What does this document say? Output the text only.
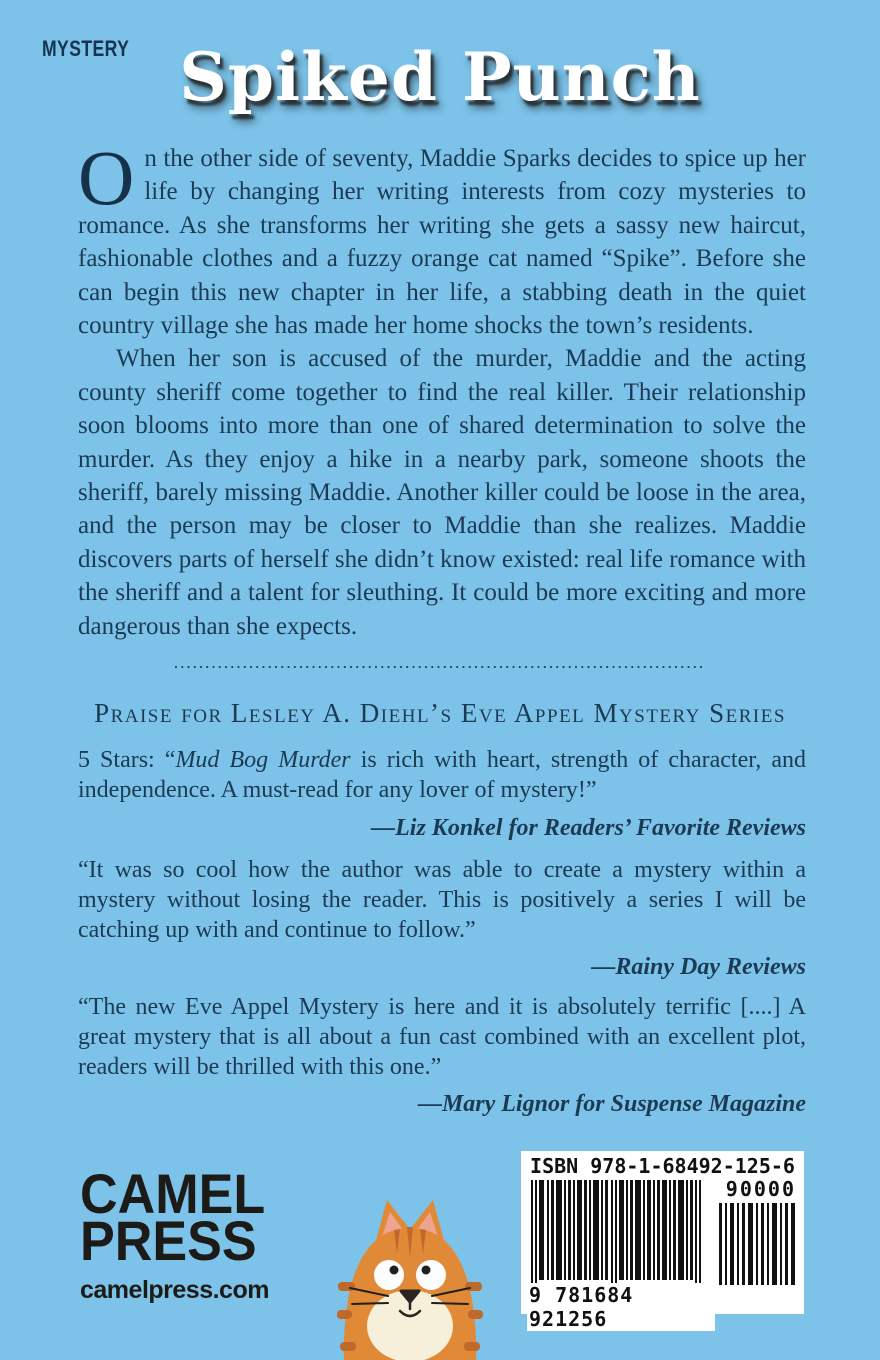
MYSTERY Spiked Punch

On the other side of seventy, Maddie Sparks decides to spice up her life by changing her writing interests from cozy mysteries to romance. As she transforms her writing she gets a sassy new haircut, fashionable clothes and a fuzzy orange cat named “Spike”. Before she can begin this new chapter in her life, a stabbing death in the quiet country village she has made her home shocks the town’s residents.

When her son is accused of the murder, Maddie and the acting county sheriff come together to find the real killer. Their relationship soon blooms into more than one of shared determination to solve the murder. As they enjoy a hike in a nearby park, someone shoots the sheriff, barely missing Maddie. Another killer could be loose in the area, and the person may be closer to Maddie than she realizes. Maddie discovers parts of herself she didn’t know existed: real life romance with the sheriff and a talent for sleuthing. It could be more exciting and more dangerous than she expects.

.....................................................................................
Praise for Lesley A. Diehl’s Eve Appel Mystery Series
5 Stars: “Mud Bog Murder is rich with heart, strength of character, and independence. A must-read for any lover of mystery!”
—Liz Konkel for Readers’ Favorite Reviews
“It was so cool how the author was able to create a mystery within a mystery without losing the reader. This is positively a series I will be catching up with and continue to follow.”
—Rainy Day Reviews
“The new Eve Appel Mystery is here and it is absolutely terrific [....] A great mystery that is all about a fun cast combined with an excellent plot, readers will be thrilled with this one.”
—Mary Lignor for Suspense Magazine
CAMEL
PRESS
camelpress.com
ISBN 978-1-68492-125-6
90000
9 781684 921256
